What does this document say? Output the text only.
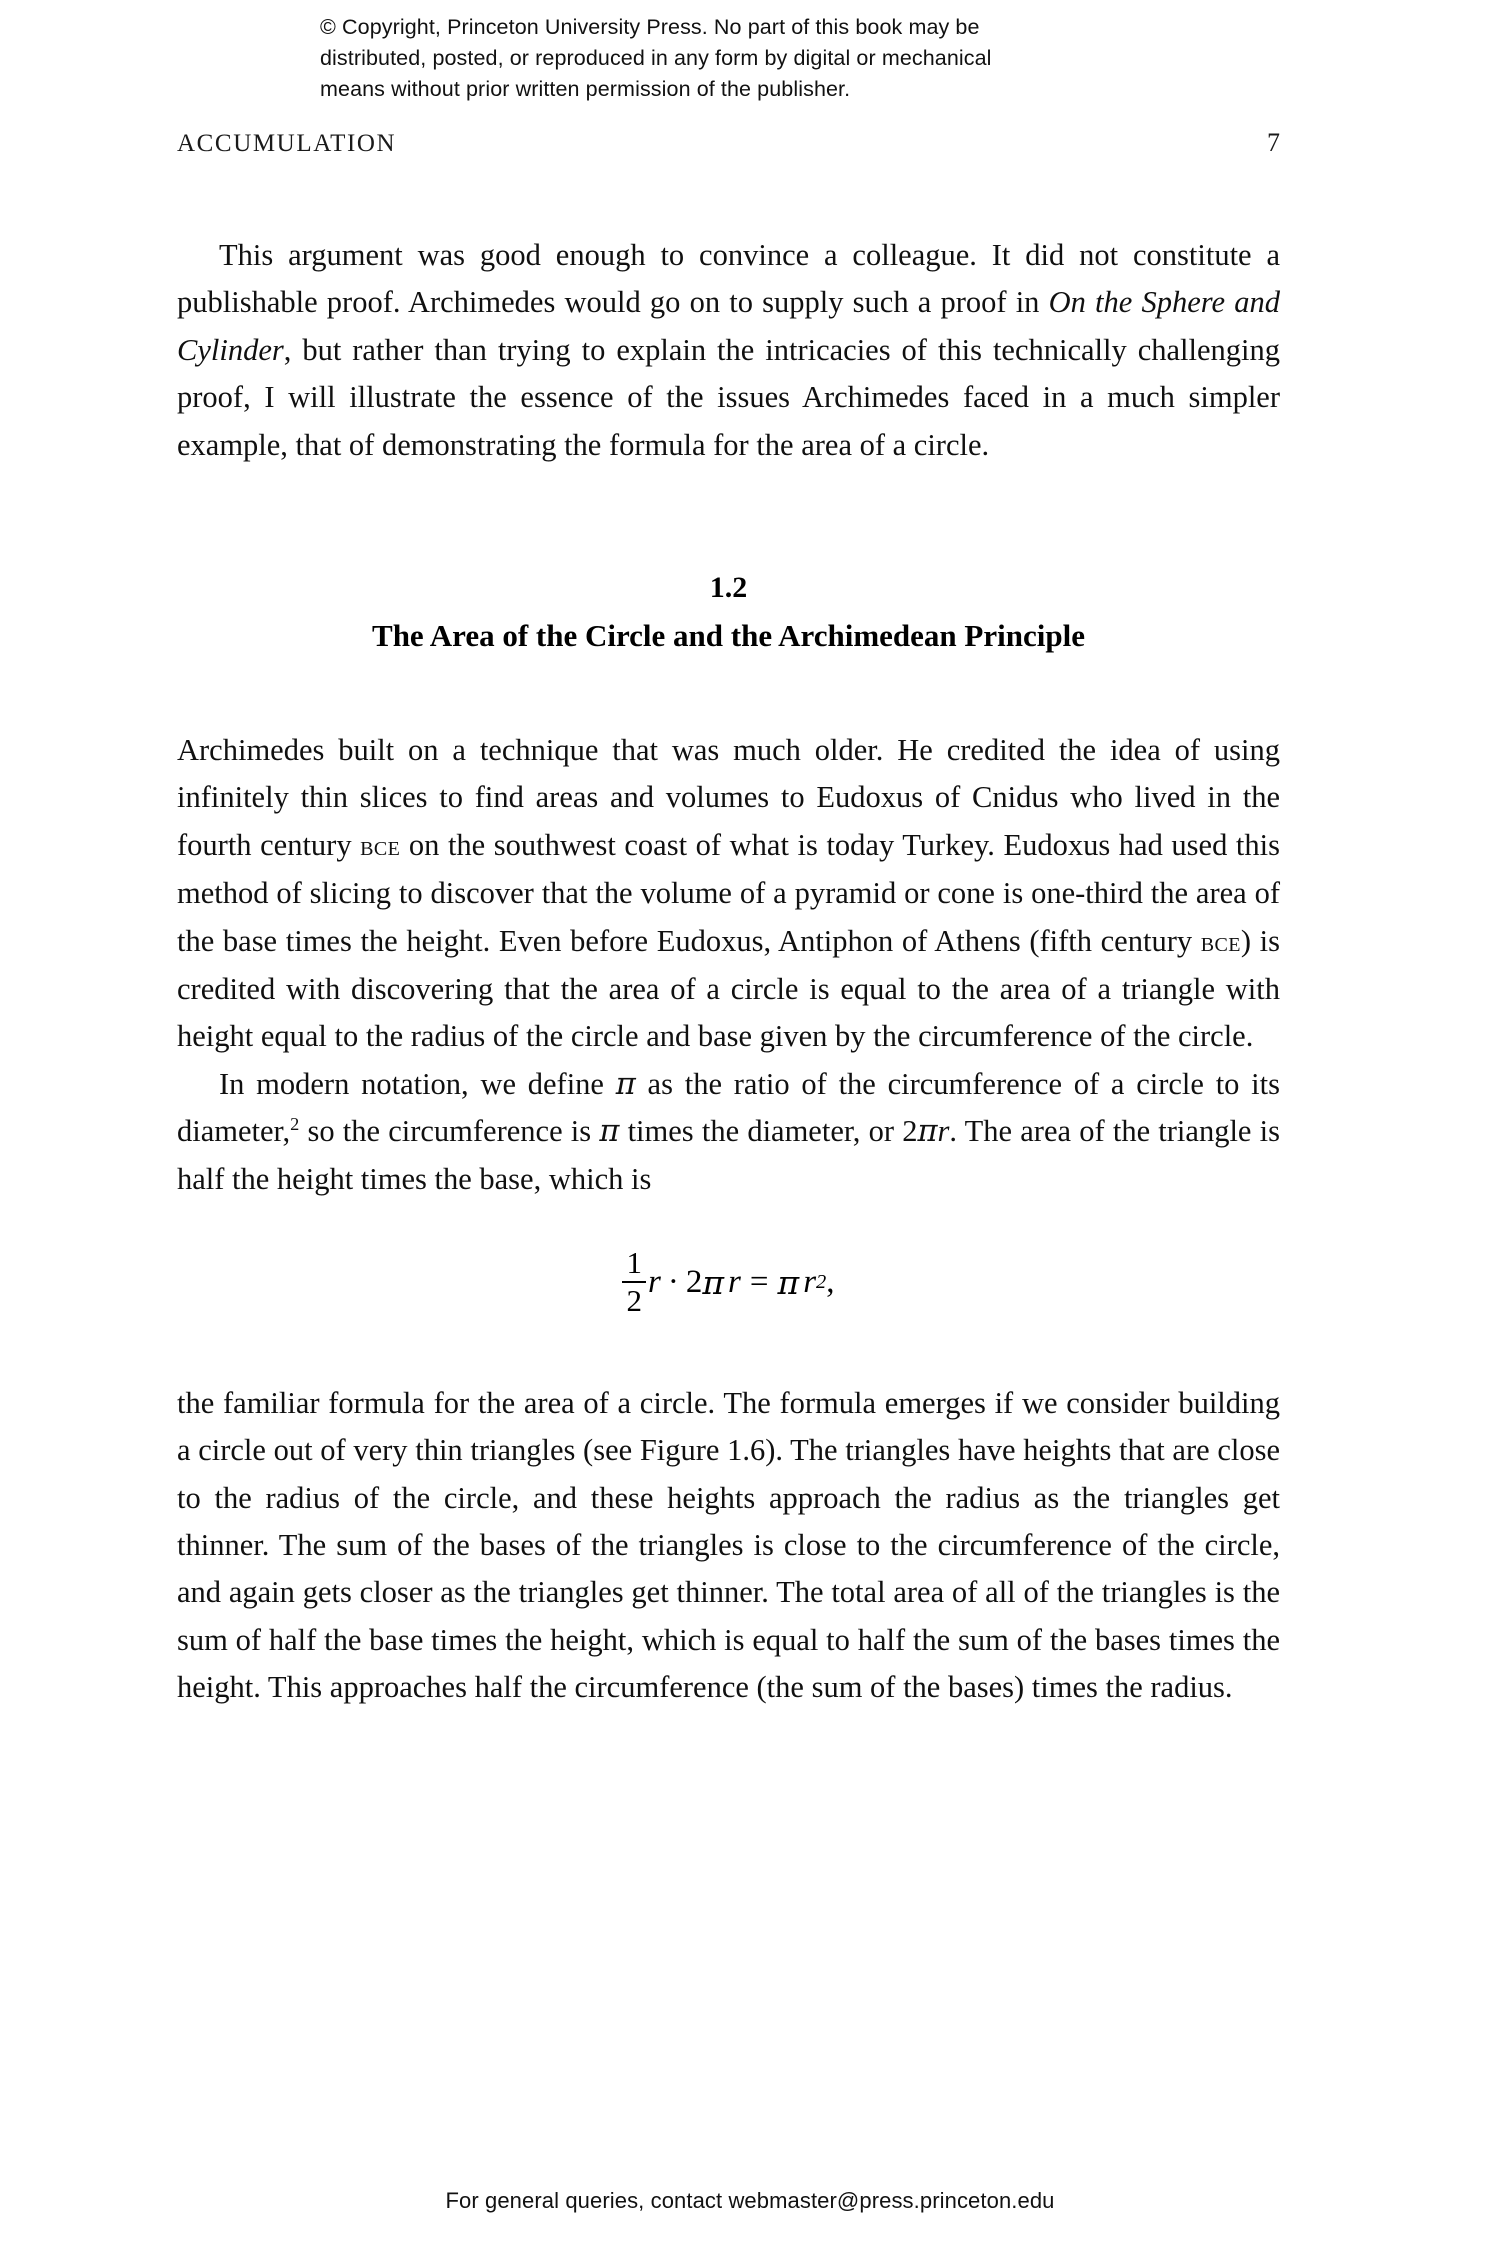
© Copyright, Princeton University Press. No part of this book may be
distributed, posted, or reproduced in any form by digital or mechanical
means without prior written permission of the publisher.
ACCUMULATION	7

This argument was good enough to convince a colleague. It did not constitute a publishable proof. Archimedes would go on to supply such a proof in On the Sphere and Cylinder, but rather than trying to explain the intricacies of this technically challenging proof, I will illustrate the essence of the issues Archimedes faced in a much simpler example, that of demonstrating the formula for the area of a circle.

1.2
The Area of the Circle and the Archimedean Principle

Archimedes built on a technique that was much older. He credited the idea of using infinitely thin slices to find areas and volumes to Eudoxus of Cnidus who lived in the fourth century bce on the southwest coast of what is today Turkey. Eudoxus had used this method of slicing to discover that the volume of a pyramid or cone is one-third the area of the base times the height. Even before Eudoxus, Antiphon of Athens (fifth century bce) is credited with discovering that the area of a circle is equal to the area of a triangle with height equal to the radius of the circle and base given by the circumference of the circle.

In modern notation, we define π as the ratio of the circumference of a circle to its diameter,$^2$ so the circumference is π times the diameter, or 2πr. The area of the triangle is half the height times the base, which is

$\frac{1}{2}$ r · 2 π r = π r 2 ,

the familiar formula for the area of a circle. The formula emerges if we consider building a circle out of very thin triangles (see Figure 1.6). The triangles have heights that are close to the radius of the circle, and these heights approach the radius as the triangles get thinner. The sum of the bases of the triangles is close to the circumference of the circle, and again gets closer as the triangles get thinner. The total area of all of the triangles is the sum of half the base times the height, which is equal to half the sum of the bases times the height. This approaches half the circumference (the sum of the bases) times the radius.

For general queries, contact webmaster@press.princeton.edu
